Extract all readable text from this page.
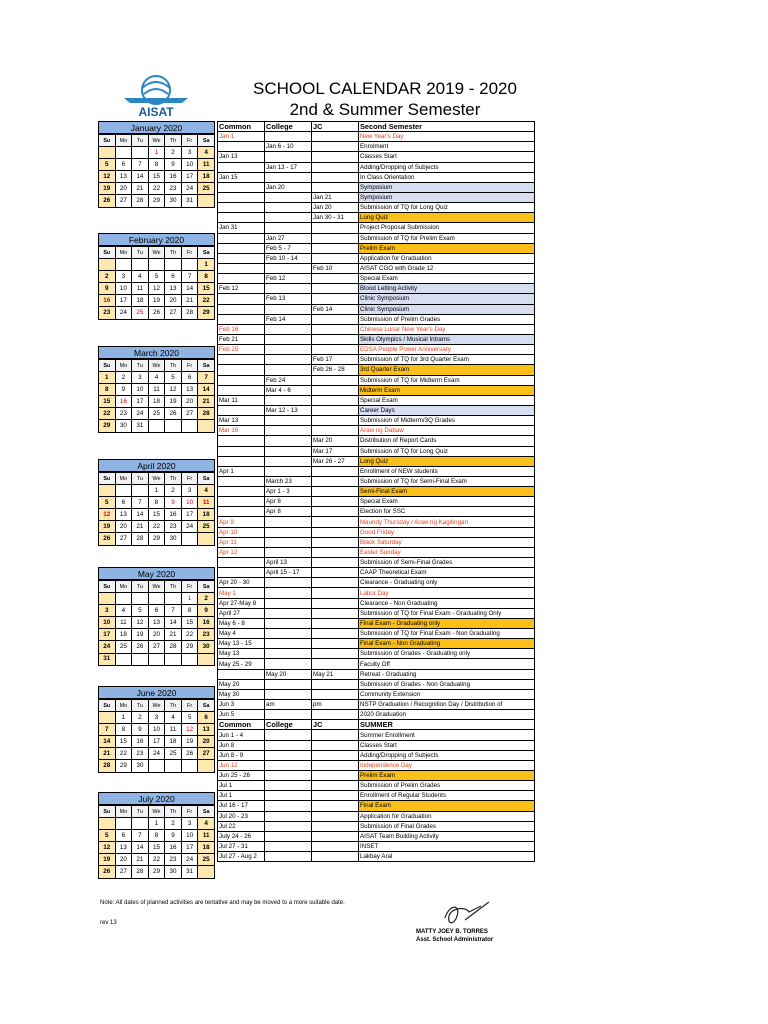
AISAT
SCHOOL CALENDAR 2019 - 2020
2nd & Summer Semester
January 2020
Su	Mo	Tu	We	Th	Fr	Sa
			1	2	3	4
5	6	7	8	9	10	11
12	13	14	15	16	17	18
19	20	21	22	23	24	25
26	27	28	29	30	31	
February 2020
Su	Mo	Tu	We	Th	Fr	Sa
						1
2	3	4	5	6	7	8
9	10	11	12	13	14	15
16	17	18	19	20	21	22
23	24	25	26	27	28	29
March 2020
Su	Mo	Tu	We	Th	Fr	Sa
1	2	3	4	5	6	7
8	9	10	11	12	13	14
15	16	17	18	19	20	21
22	23	24	25	26	27	28
29	30	31				
April 2020
Su	Mo	Tu	We	Th	Fr	Sa
			1	2	3	4
5	6	7	8	9	10	11
12	13	14	15	16	17	18
19	20	21	22	23	24	25
26	27	28	29	30		
May 2020
Su	Mo	Tu	We	Th	Fr	Sa
					1	2
3	4	5	6	7	8	9
10	11	12	13	14	15	16
17	18	19	20	21	22	23
24	25	26	27	28	29	30
31						
June 2020
Su	Mo	Tu	We	Th	Fr	Sa
	1	2	3	4	5	6
7	8	9	10	11	12	13
14	15	16	17	18	19	20
21	22	23	24	25	26	27
28	29	30				
July 2020
Su	Mo	Tu	We	Th	Fr	Sa
			1	2	3	4
5	6	7	8	9	10	11
12	13	14	15	16	17	18
19	20	21	22	23	24	25
26	27	28	29	30	31	
Common	College	JC	Second Semester
Jan 1			New Year's Day
	Jan 6 - 10		Enrolment
Jan 13			Classes Start
	Jan 13 - 17		Adding/Dropping of Subjects
Jan 15			In Class Orientation
	Jan 20		Symposium
		Jan 21	Symposium
		Jan 20	Submission of TQ for Long Quiz
		Jan 30 - 31	Long Quiz
Jan 31			Project Proposal Submission
	Jan 27		Submission of TQ for Prelim Exam
	Feb 5 - 7		Prelim Exam
	Feb 10 - 14		Application for Graduation
		Feb 10	AISAT CGO with Grade 12
	Feb 12		Special Exam
Feb 12			Blood Letting Activity
	Feb 13		Clinic Symposium
		Feb 14	Clinic Symposium
	Feb 14		Submission of Prelim Grades
Feb 16			Chinese Lunar New Year's Day
Feb 21			Skills Olympics / Musical Intrams
Feb 25			EDSA People Power Anniversary
		Feb 17	Submission of TQ for 3rd Quarter Exam
		Feb 26 - 28	3rd Quarter Exam
	Feb 24		Submission of TQ for Midterm Exam
	Mar 4 - 6		Midterm Exam
Mar 11			Special Exam
	Mar 12 - 13		Career Days
Mar 13			Submission of Midterm/3Q Grades
Mar 16			Araw ng Dabaw
		Mar 20	Distribution of Report Cards
		Mar 17	Submission of TQ for Long Quiz
		Mar 26 - 27	Long Quiz
Apr 1			Enrollment of NEW students
	March 23		Submission of TQ for Semi-Final Exam
	Apr 1 - 3		Semi-Final Exam
	Apr 8		Special Exam
	Apr 8		Election for SSC
Apr 9			Maundy Thursday / Araw ng Kagitingan
Apr 10			Good Friday
Apr 11			Black Saturday
Apr 12			Easter Sunday
	April 13		Submission of Semi-Final Grades
	April 15 - 17		CAAP Theoretical Exam
Apr 20 - 30			Clearance - Graduating only
May 1			Labor Day
Apr 27-May 8			Clearance - Non Graduating
April 27			Submission of TQ for Final Exam - Graduating Only
May 6 - 8			Final Exam - Graduating only
May 4			Submission of TQ for Final Exam - Non Graduating
May 13 - 15			Final Exam - Non Graduating
May 13			Submission of Grades - Graduating only
May 25 - 29			Faculty Off
	May 20	May 21	Retreat - Graduating
May 20			Submission of Grades - Non Graduating
May 30			Community Extension
Jun 3	am	pm	NSTP Graduation / Recognition Day / Distribution of
Jun 5			2020 Graduation
Common	College	JC	SUMMER
Jun 1 - 4			Summer Enrollment
Jun 8			Classes Start
Jun 8 - 9			Adding/Dropping of Subjects
Jun 12			Independence Day
Jun 25 - 26			Prelim Exam
Jul 1			Submission of Prelim Grades
Jul 1			Enrollment of Regular Students
Jul 16 - 17			Final Exam
Jul 20 - 23			Application for Graduation
Jul 22			Submission of Final Grades
July 24 - 26			AISAT Team Building Activity
Jul 27 - 31			INSET
Jul 27 - Aug 2			Lakbay Aral
Note: All dates of planned activities are tentative and may be moved to a more suitable date.
rev 13
MATTY JOEY B. TORRES
Asst. School Administrator
